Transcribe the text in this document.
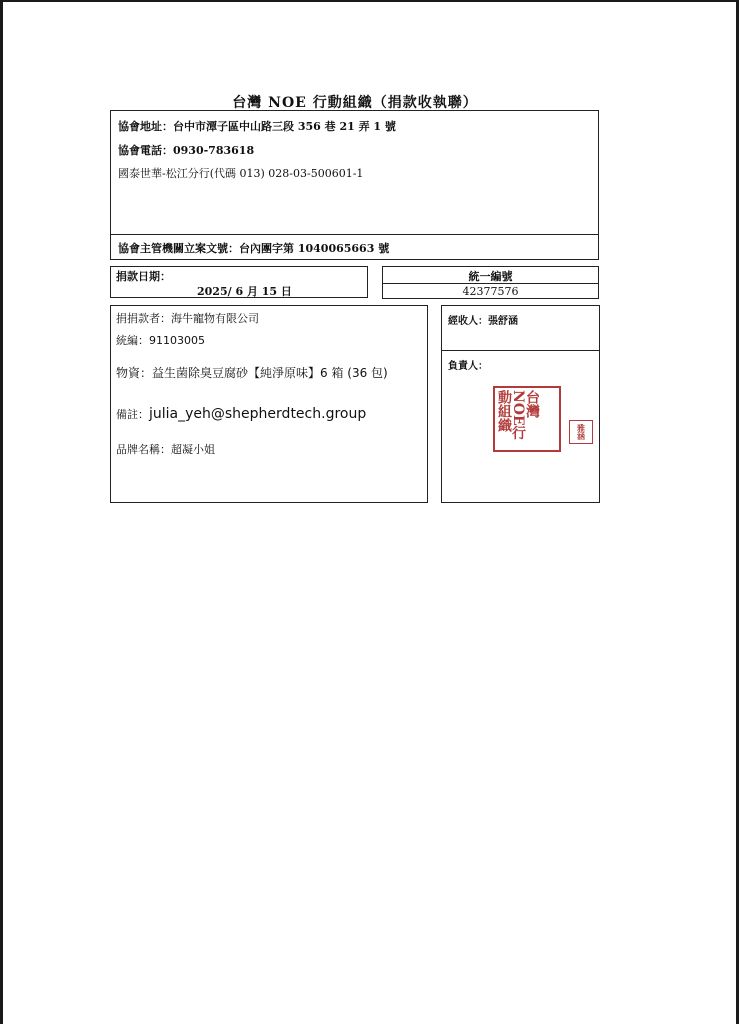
台灣 NOE 行動組織（捐款收執聯）
協會地址：台中市潭子區中山路三段 356 巷 21 弄 1 號
協會電話：0930-783618
國泰世華-松江分行(代碼 013) 028-03-500601-1
協會主管機關立案文號：台內團字第 1040065663 號
捐款日期：
2025/ 6 月 15 日
統一編號
42377576
捐捐款者：海牛寵物有限公司
統編：91103005
物資：益生菌除臭豆腐砂【純淨原味】6 箱 (36 包)
備註：julia_yeh@shepherdtech.group
品牌名稱：超凝小姐
經收人：張舒涵
負責人：
台灣NOE行動組織	雅涵
